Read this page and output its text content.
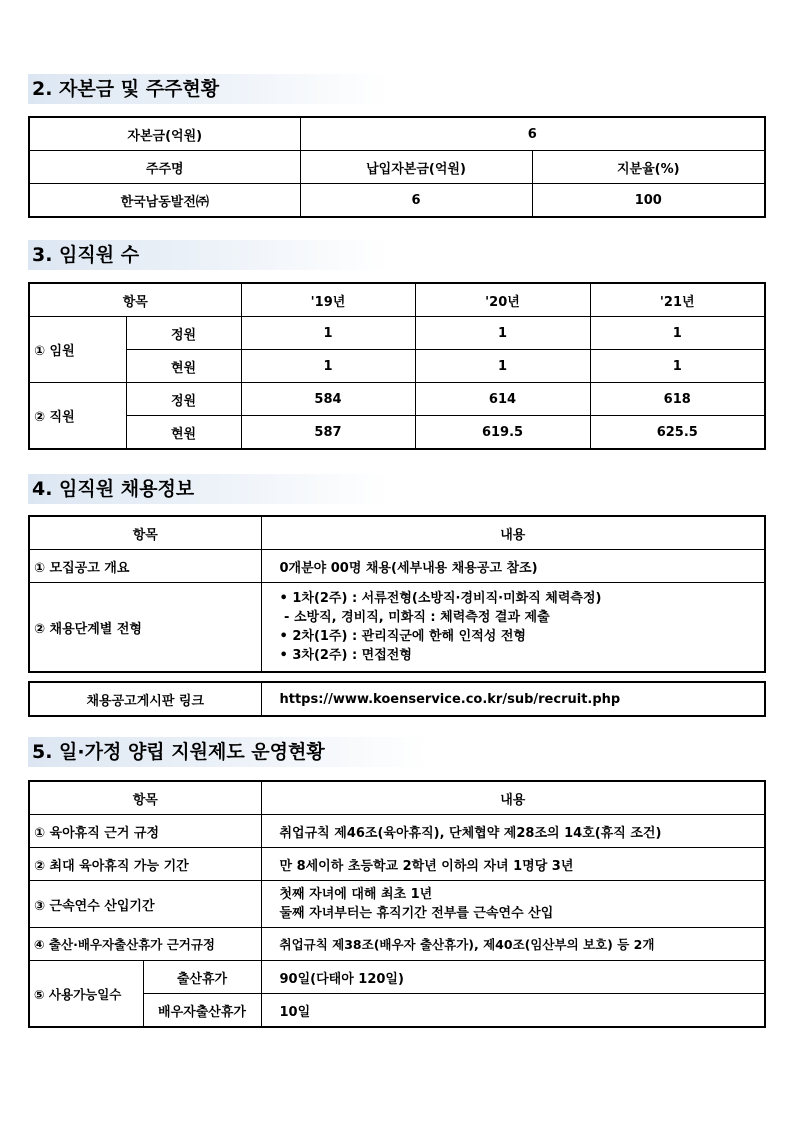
2. 자본금 및 주주현황
자본금(억원)	6	
주주명	납입자본금(억원)	지분율(%)
한국남동발전㈜	6	100
3. 임직원 수
항목		'19년	'20년	'21년
① 임원	정원	1	1	1
	현원	1	1	1
② 직원	정원	584	614	618
	현원	587	619.5	625.5
4. 임직원 채용정보
항목	내용
① 모집공고 개요	0개분야 00명 채용(세부내용 채용공고 참조)
② 채용단계별 전형	• 1차(2주) : 서류전형(소방직·경비직·미화직 체력측정)
- 소방직, 경비직, 미화직 : 체력측정 결과 제출
• 2차(1주) : 관리직군에 한해 인적성 전형
• 3차(2주) : 면접전형
채용공고게시판 링크	https://www.koenservice.co.kr/sub/recruit.php
5. 일·가정 양립 지원제도 운영현황
항목		내용
① 육아휴직 근거 규정		취업규칙 제46조(육아휴직), 단체협약 제28조의 14호(휴직 조건)
② 최대 육아휴직 가능 기간		만 8세이하 초등학교 2학년 이하의 자녀 1명당 3년
③ 근속연수 산입기간		첫째 자녀에 대해 최초 1년
둘째 자녀부터는 휴직기간 전부를 근속연수 산입

④ 출산·배우자출산휴가 근거규정		취업규칙 제38조(배우자 출산휴가), 제40조(임산부의 보호) 등 2개
⑤ 사용가능일수	출산휴가	90일(다태아 120일)
	배우자출산휴가	10일
